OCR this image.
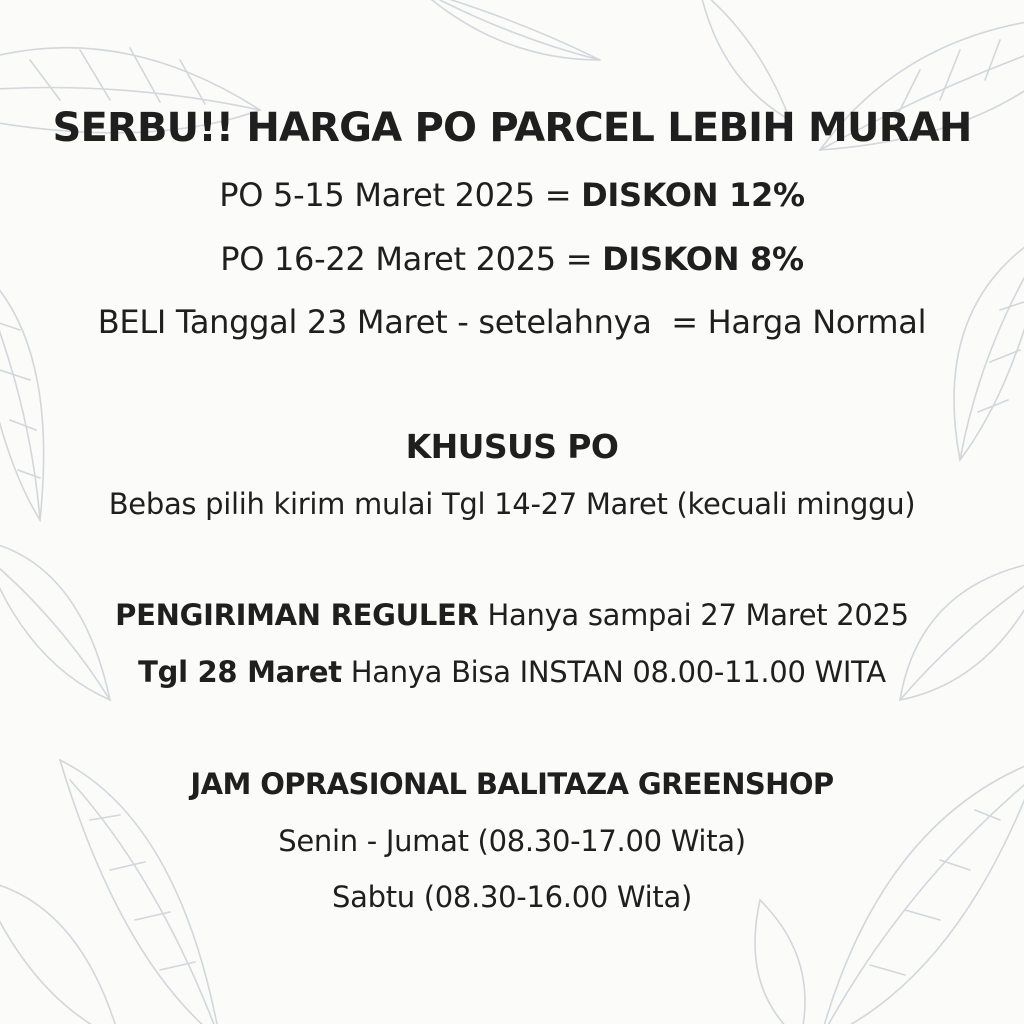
SERBU!! HARGA PO PARCEL LEBIH MURAH
PO 5-15 Maret 2025 = DISKON 12%
PO 16-22 Maret 2025 = DISKON 8%
BELI Tanggal 23 Maret - setelahnya  = Harga Normal
KHUSUS PO
Bebas pilih kirim mulai Tgl 14-27 Maret (kecuali minggu)
PENGIRIMAN REGULER Hanya sampai 27 Maret 2025
Tgl 28 Maret Hanya Bisa INSTAN 08.00-11.00 WITA
JAM OPRASIONAL BALITAZA GREENSHOP
Senin - Jumat (08.30-17.00 Wita)
Sabtu (08.30-16.00 Wita)
